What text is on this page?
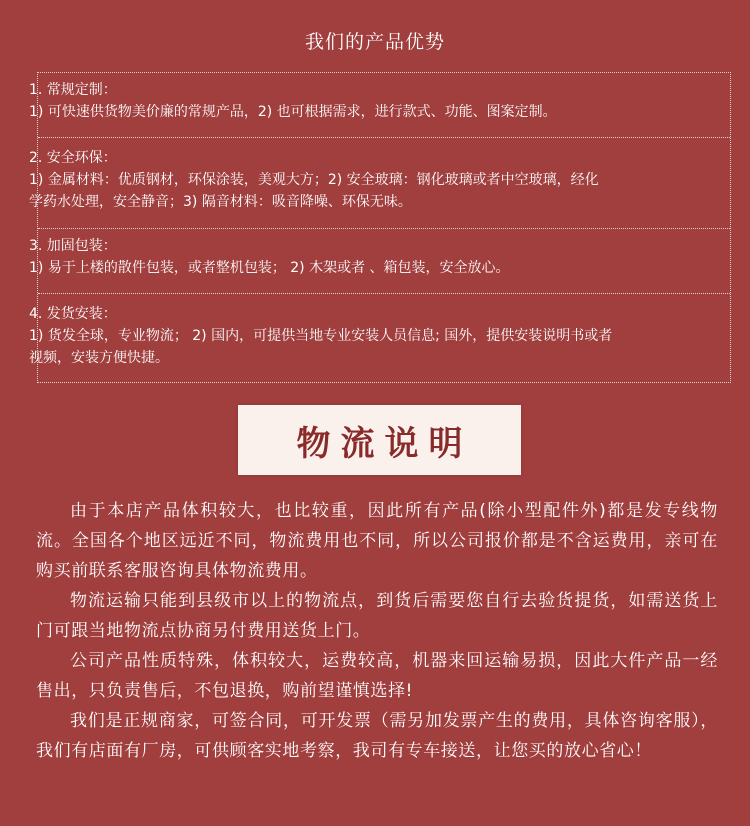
我们的产品优势

1. 常规定制：

1) 可快速供货物美价廉的常规产品，2) 也可根据需求，进行款式、功能、图案定制。

2. 安全环保：

1) 金属材料：优质钢材，环保涂装，美观大方；2) 安全玻璃：钢化玻璃或者中空玻璃，经化

学药水处理，安全静音；3) 隔音材料：吸音降噪、环保无味。

3. 加固包装：

1) 易于上楼的散件包装，或者整机包装； 2) 木架或者 、箱包装，安全放心。

4. 发货安装：

1) 货发全球，专业物流； 2) 国内，可提供当地专业安装人员信息; 国外，提供安装说明书或者

视频，安装方便快捷。

物流说明

由于本店产品体积较大，也比较重，因此所有产品(除小型配件外)都是发专线物流。全国各个地区远近不同，物流费用也不同，所以公司报价都是不含运费用，亲可在购买前联系客服咨询具体物流费用。

物流运输只能到县级市以上的物流点，到货后需要您自行去验货提货，如需送货上门可跟当地物流点协商另付费用送货上门。

公司产品性质特殊，体积较大，运费较高，机器来回运输易损，因此大件产品一经售出，只负责售后，不包退换，购前望谨慎选择!

我们是正规商家，可签合同，可开发票（需另加发票产生的费用，具体咨询客服），我们有店面有厂房，可供顾客实地考察，我司有专车接送，让您买的放心省心！
